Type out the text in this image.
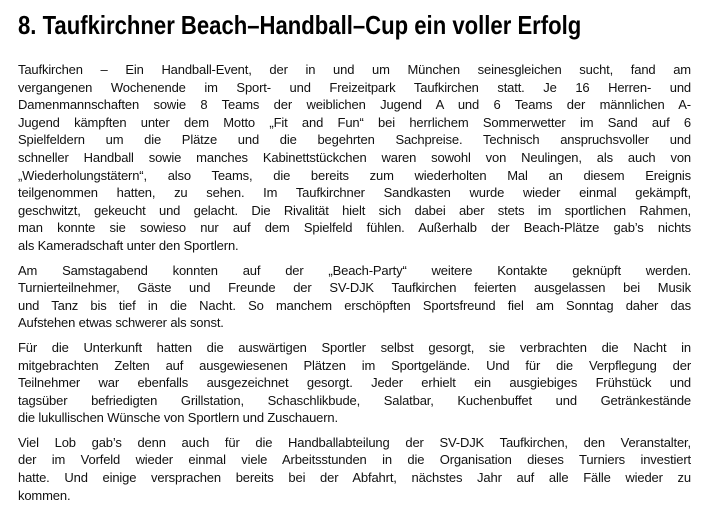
8. Taufkirchner Beach–Handball–Cup ein voller Erfolg

Taufkirchen – Ein Handball-Event, der in und um München seinesgleichen sucht, fand am
vergangenen Wochenende im Sport- und Freizeitpark Taufkirchen statt. Je 16 Herren- und
Damenmannschaften sowie 8 Teams der weiblichen Jugend A und 6 Teams der männlichen A-
Jugend kämpften unter dem Motto „Fit and Fun“ bei herrlichem Sommerwetter im Sand auf 6
Spielfeldern um die Plätze und die begehrten Sachpreise. Technisch anspruchsvoller und
schneller Handball sowie manches Kabinettstückchen waren sowohl von Neulingen, als auch von
„Wiederholungstätern“, also Teams, die bereits zum wiederholten Mal an diesem Ereignis
teilgenommen hatten, zu sehen. Im Taufkirchner Sandkasten wurde wieder einmal gekämpft,
geschwitzt, gekeucht und gelacht. Die Rivalität hielt sich dabei aber stets im sportlichen Rahmen,
man konnte sie sowieso nur auf dem Spielfeld fühlen. Außerhalb der Beach-Plätze gab’s nichts
als Kameradschaft unter den Sportlern.

Am Samstagabend konnten auf der „Beach-Party“ weitere Kontakte geknüpft werden.
Turnierteilnehmer, Gäste und Freunde der SV-DJK Taufkirchen feierten ausgelassen bei Musik
und Tanz bis tief in die Nacht. So manchem erschöpften Sportsfreund fiel am Sonntag daher das
Aufstehen etwas schwerer als sonst.

Für die Unterkunft hatten die auswärtigen Sportler selbst gesorgt, sie verbrachten die Nacht in
mitgebrachten Zelten auf ausgewiesenen Plätzen im Sportgelände. Und für die Verpflegung der
Teilnehmer war ebenfalls ausgezeichnet gesorgt. Jeder erhielt ein ausgiebiges Frühstück und
tagsüber befriedigten Grillstation, Schaschlikbude, Salatbar, Kuchenbuffet und Getränkestände
die lukullischen Wünsche von Sportlern und Zuschauern.

Viel Lob gab’s denn auch für die Handballabteilung der SV-DJK Taufkirchen, den Veranstalter,
der im Vorfeld wieder einmal viele Arbeitsstunden in die Organisation dieses Turniers investiert
hatte. Und einige versprachen bereits bei der Abfahrt, nächstes Jahr auf alle Fälle wieder zu
kommen.
